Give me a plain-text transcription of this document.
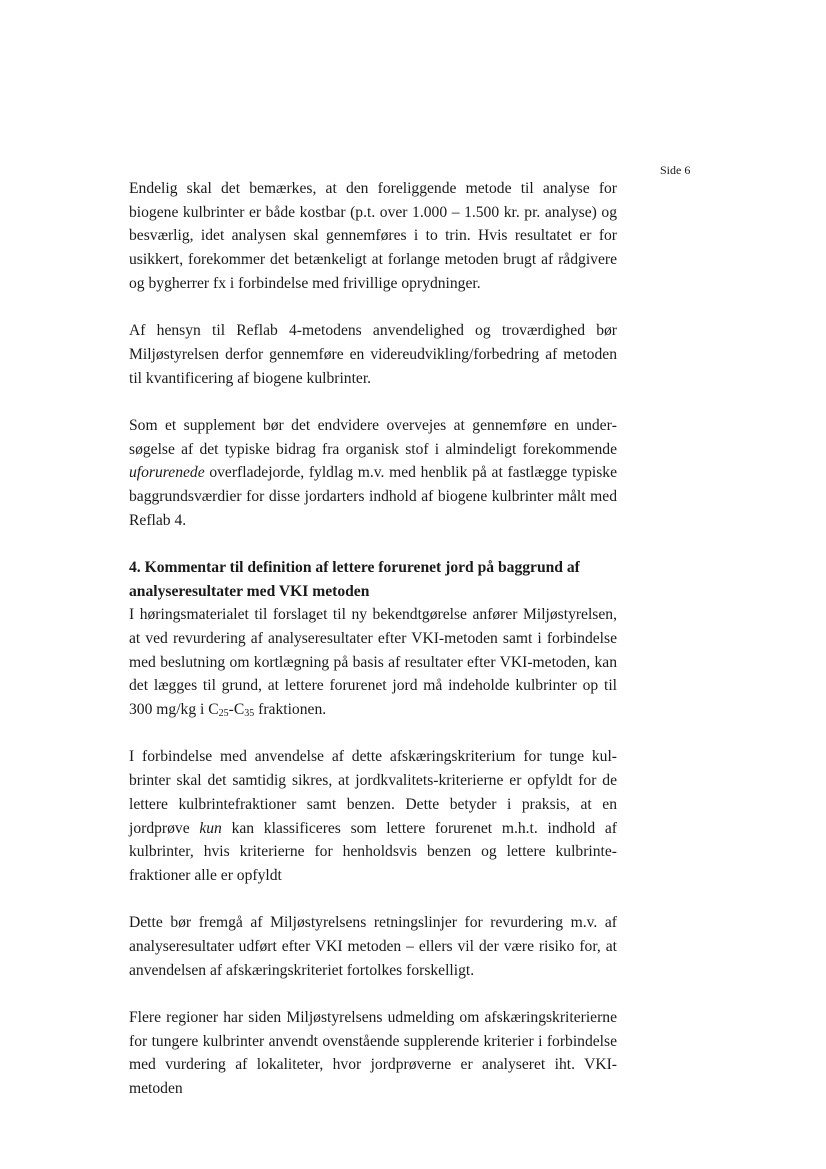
Side 6

Endelig skal det bemærkes, at den foreliggende metode til analyse for biogene kulbrinter er både kostbar (p.t. over 1.000 – 1.500 kr. pr. analyse) og besværlig, idet analysen skal gennemføres i to trin. Hvis resultatet er for usikkert, forekommer det betænkeligt at forlange metoden brugt af rådgivere og bygherrer fx i forbindelse med frivillige oprydninger.

Af hensyn til Reflab 4-metodens anvendelighed og troværdighed bør Miljøstyrelsen derfor gennemføre en videreudvikling/forbedring af metoden til kvantificering af biogene kulbrinter.

Som et supplement bør det endvidere overvejes at gennemføre en undersøgelse af det typiske bidrag fra organisk stof i almindeligt forekommende uforurenede overfladejorde, fyldlag m.v. med henblik på at fastlægge typiske baggrundsværdier for disse jordarters indhold af biogene kulbrinter målt med Reflab 4.

4. Kommentar til definition af lettere forurenet jord på baggrund af analyseresultater med VKI metoden

I høringsmaterialet til forslaget til ny bekendtgørelse anfører Miljøstyrelsen, at ved revurdering af analyseresultater efter VKI-metoden samt i forbindelse med beslutning om kortlægning på basis af resultater efter VKI-metoden, kan det lægges til grund, at lettere forurenet jord må indeholde kulbrinter op til 300 mg/kg i $C_{25}-C_{35}$ fraktionen.

I forbindelse med anvendelse af dette afskæringskriterium for tunge kulbrinter skal det samtidig sikres, at jordkvalitets-kriterierne er opfyldt for de lettere kulbrintefraktioner samt benzen. Dette betyder i praksis, at en jordprøve kun kan klassificeres som lettere forurenet m.h.t. indhold af kulbrinter, hvis kriterierne for henholdsvis benzen og lettere kulbrintefraktioner alle er opfyldt

Dette bør fremgå af Miljøstyrelsens retningslinjer for revurdering m.v. af analyseresultater udført efter VKI metoden – ellers vil der være risiko for, at anvendelsen af afskæringskriteriet fortolkes forskelligt.

Flere regioner har siden Miljøstyrelsens udmelding om afskæringskriterierne for tungere kulbrinter anvendt ovenstående supplerende kriterier i forbindelse med vurdering af lokaliteter, hvor jordprøverne er analyseret iht. VKI-metoden
